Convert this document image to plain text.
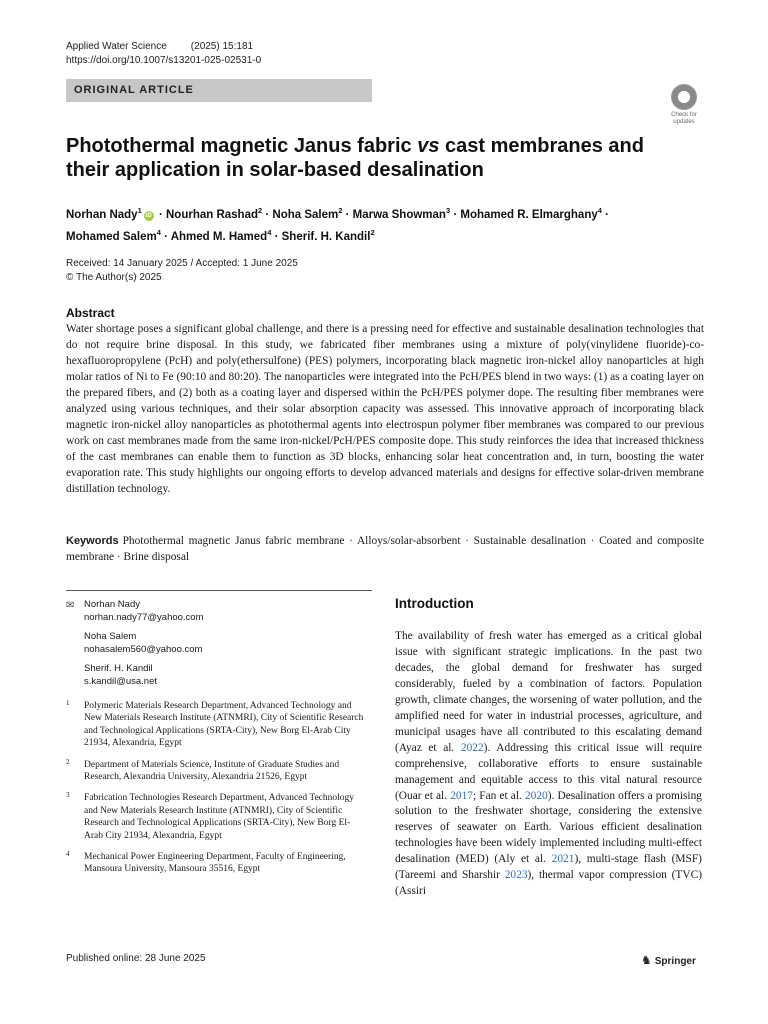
Applied Water Science (2025) 15:181
https://doi.org/10.1007/s13201-025-02531-0
ORIGINAL ARTICLE
Check for
updates
Photothermal magnetic Janus fabric vs cast membranes and their application in solar-based desalination
Norhan Nady$^1$iD · Nourhan Rashad$^2$ · Noha Salem$^2$ · Marwa Showman$^3$ · Mohamed R. Elmarghany$^4$ ·
Mohamed Salem$^4$ · Ahmed M. Hamed$^4$ · Sherif. H. Kandil$^2$
Received: 14 January 2025 / Accepted: 1 June 2025
© The Author(s) 2025
Abstract
Water shortage poses a significant global challenge, and there is a pressing need for effective and sustainable desalination technologies that do not require brine disposal. In this study, we fabricated fiber membranes using a mixture of poly(vinylidene fluoride)-co-hexafluoropropylene (PcH) and poly(ethersulfone) (PES) polymers, incorporating black magnetic iron-nickel alloy nanoparticles at high molar ratios of Ni to Fe (90:10 and 80:20). The nanoparticles were integrated into the PcH/PES blend in two ways: (1) as a coating layer on the prepared fibers, and (2) both as a coating layer and dispersed within the PcH/PES polymer dope. The resulting fiber membranes were analyzed using various techniques, and their solar absorption capacity was assessed. This innovative approach of incorporating black magnetic iron-nickel alloy nanoparticles as photothermal agents into electrospun polymer fiber membranes was compared to our previous work on cast membranes made from the same iron-nickel/PcH/PES composite dope. This study reinforces the idea that increased thickness of the cast membranes can enable them to function as 3D blocks, enhancing solar heat concentration and, in turn, boosting the water evaporation rate. This study highlights our ongoing efforts to develop advanced materials and designs for effective solar-driven membrane distillation technology.
Keywords Photothermal magnetic Janus fabric membrane · Alloys/solar-absorbent · Sustainable desalination · Coated and composite membrane · Brine disposal
✉ Norhan Nady
norhan.nady77@yahoo.com
Noha Salem
nohasalem560@yahoo.com
Sherif. H. Kandil
s.kandil@usa.net
1 Polymeric Materials Research Department, Advanced Technology and New Materials Research Institute (ATNMRI), City of Scientific Research and Technological Applications (SRTA-City), New Borg El-Arab City 21934, Alexandria, Egypt
2 Department of Materials Science, Institute of Graduate Studies and Research, Alexandria University, Alexandria 21526, Egypt
3 Fabrication Technologies Research Department, Advanced Technology and New Materials Research Institute (ATNMRI), City of Scientific Research and Technological Applications (SRTA-City), New Borg El-Arab City 21934, Alexandria, Egypt
4 Mechanical Power Engineering Department, Faculty of Engineering, Mansoura University, Mansoura 35516, Egypt
Introduction
The availability of fresh water has emerged as a critical global issue with significant strategic implications. In the past two decades, the global demand for freshwater has surged considerably, fueled by a combination of factors. Population growth, climate changes, the worsening of water pollution, and the amplified need for water in industrial processes, agriculture, and municipal usages have all contributed to this escalating demand (Ayaz et al. 2022). Addressing this critical issue will require comprehensive, collaborative efforts to ensure sustainable management and equitable access to this vital natural resource (Ouar et al. 2017; Fan et al. 2020). Desalination offers a promising solution to the freshwater shortage, considering the extensive reserves of seawater on Earth. Various efficient desalination technologies have been widely implemented including multi-effect desalination (MED) (Aly et al. 2021), multi-stage flash (MSF)(Tareemi and Sharshir 2023), thermal vapor compression (TVC)(Assiri
Published online: 28 June 2025	♞ Springer
